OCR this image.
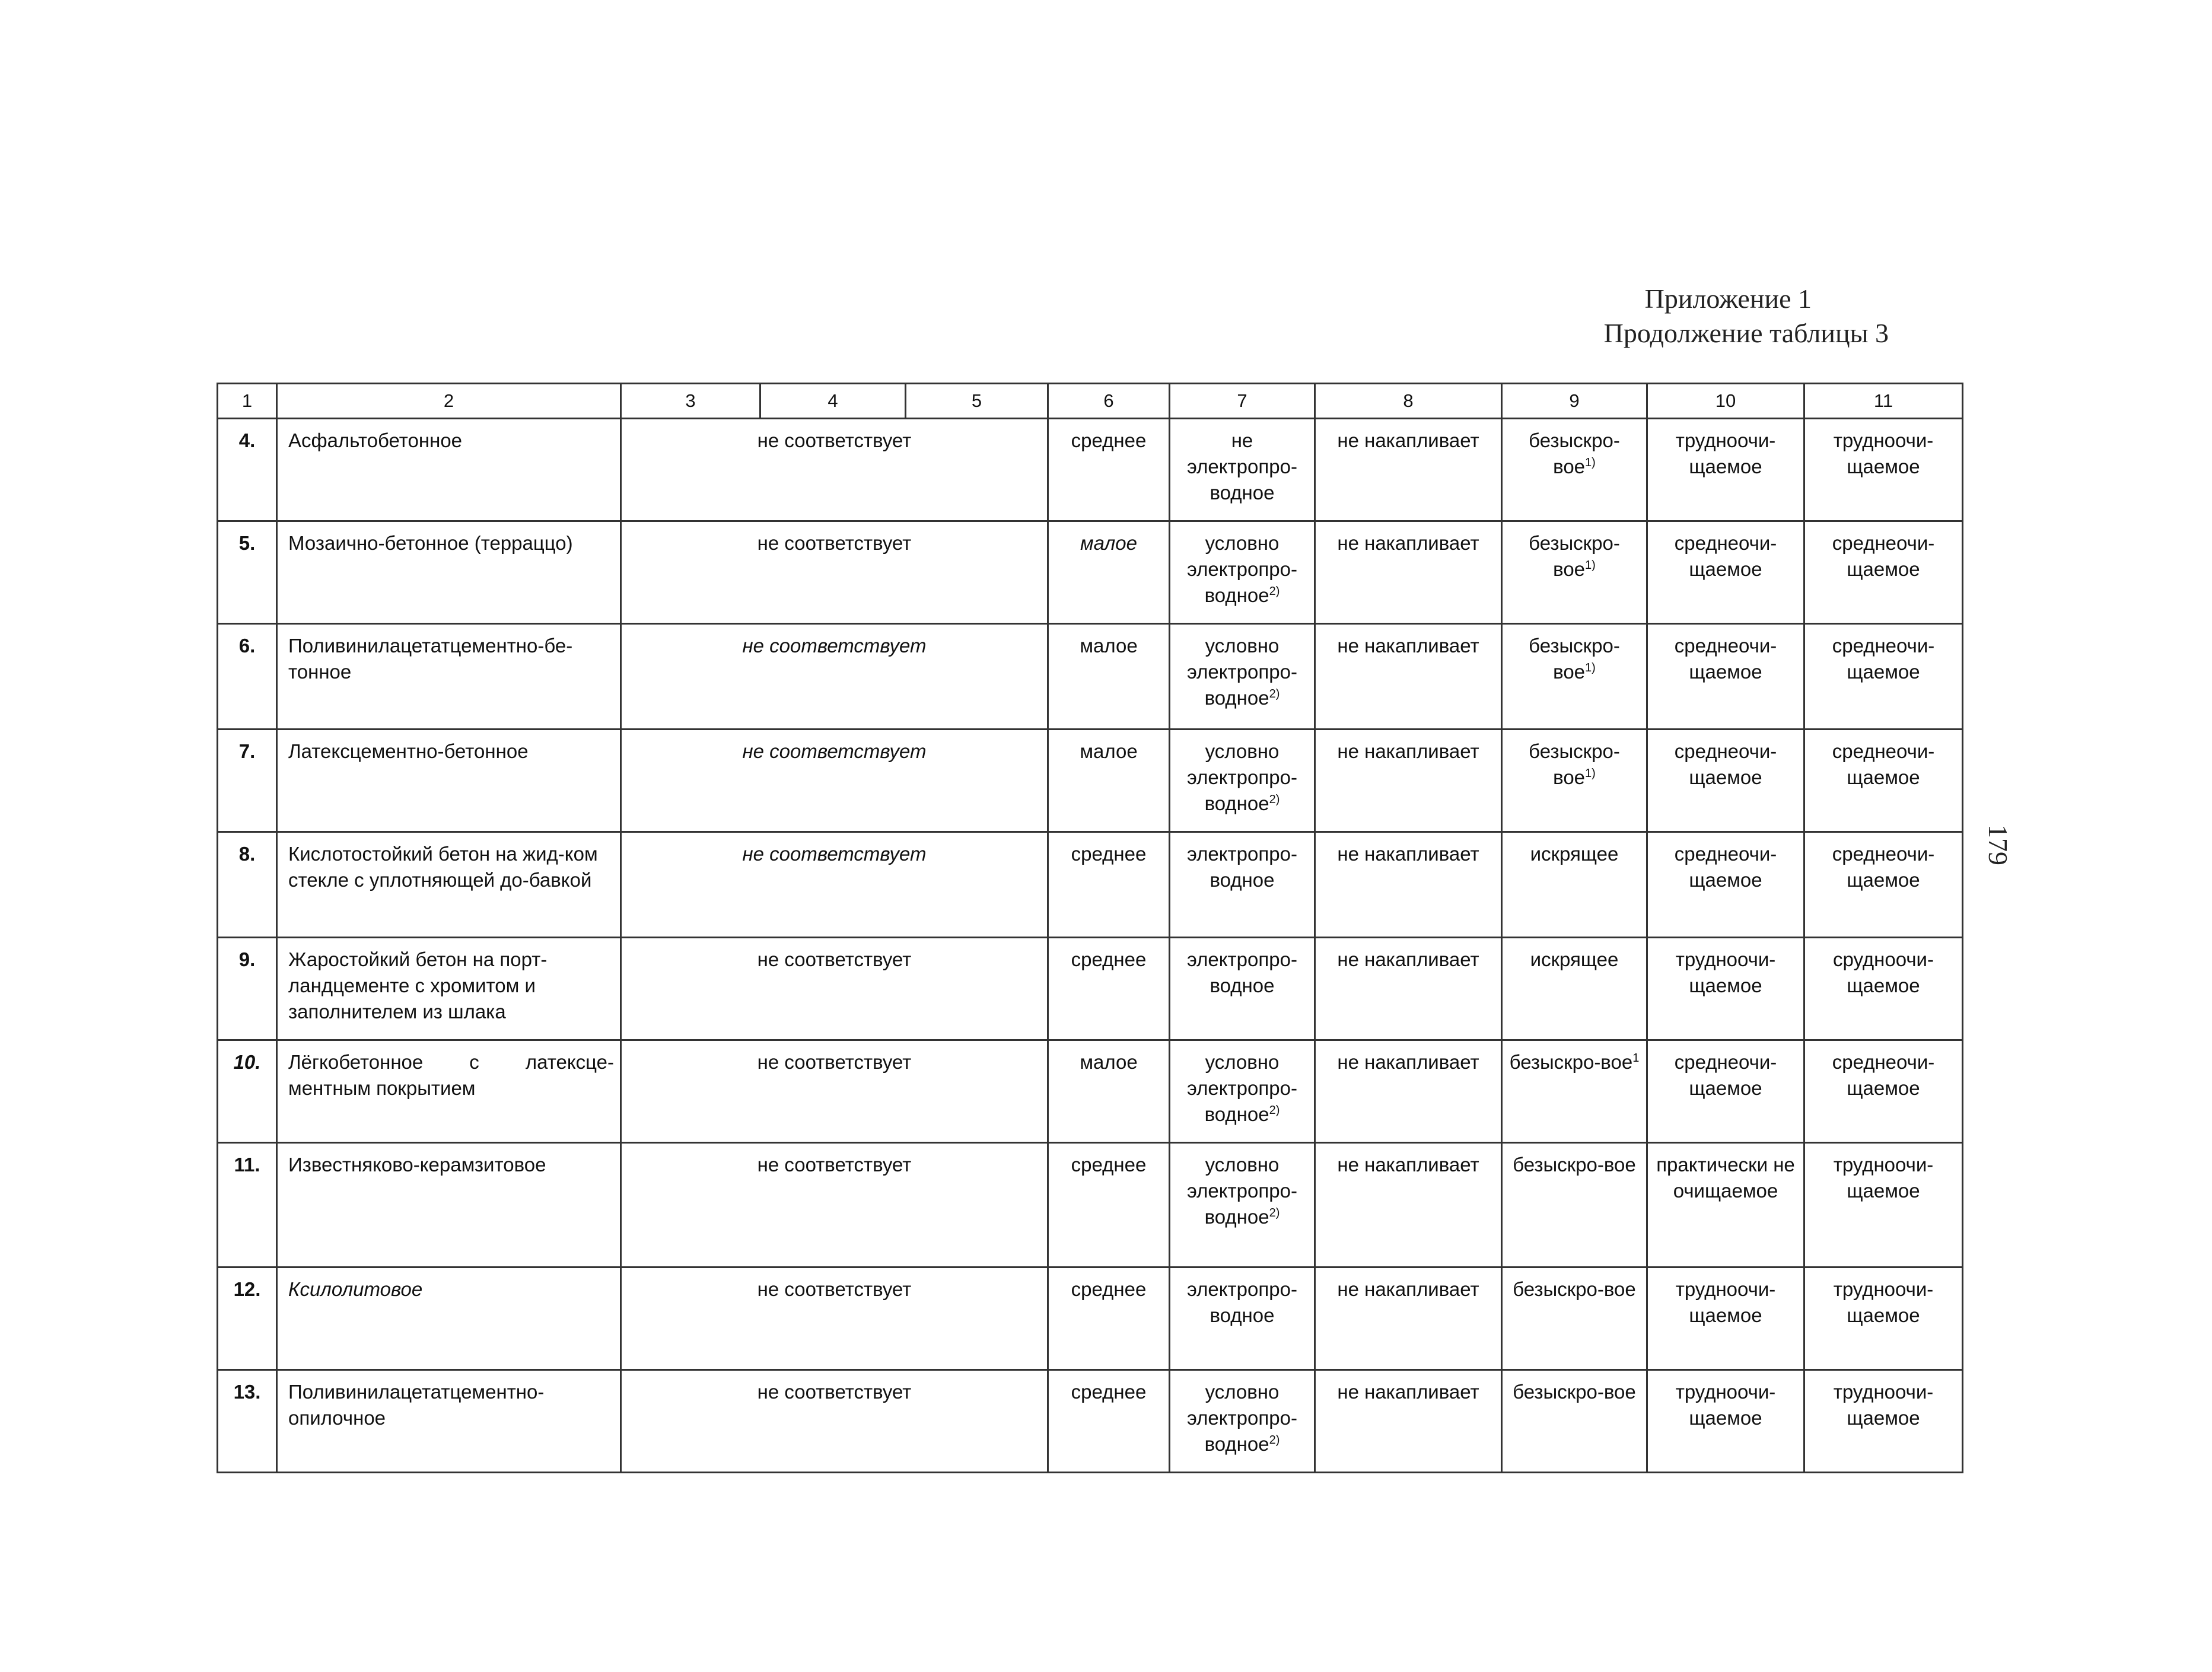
Приложение 1
Продолжение таблицы 3
179
1	2	3	4	5	6	7	8	9	10	11
4.	Асфальтобетонное	не соответствует			среднее	не электропро-водное	не накапливает	безыскро-вое$^{1)}$	трудноочи-щаемое	трудноочи-щаемое
5.	Мозаично-бетонное (терраццо)	не соответствует			малое	условно электропро-водное$^{2)}$	не накапливает	безыскро-вое$^{1)}$	среднеочи-щаемое	среднеочи-щаемое
6.	Поливинилацетатцементно-бе-тонное	не соответствует			малое	условно электропро-водное$^{2)}$	не накапливает	безыскро-вое$^{1)}$	среднеочи-щаемое	среднеочи-щаемое
7.	Латексцементно-бетонное	не соответствует			малое	условно электропро-водное$^{2)}$	не накапливает	безыскро-вое$^{1)}$	среднеочи-щаемое	среднеочи-щаемое
8.	Кислотостойкий бетон на жид-ком стекле с уплотняющей до-бавкой	не соответствует			среднее	электропро-водное	не накапливает	искрящее	среднеочи-щаемое	среднеочи-щаемое
9.	Жаростойкий бетон на порт-ландцементе с хромитом и заполнителем из шлака	не соответствует			среднее	электропро-водное	не накапливает	искрящее	трудноочи-щаемое	срудноочи-щаемое
10.	Лёгкобетонное с латексце-ментным покрытием	не соответствует			малое	условно электропро-водное$^{2)}$	не накапливает	безыскро-вое$^1$	среднеочи-щаемое	среднеочи-щаемое
11.	Известняково-керамзитовое	не соответствует			среднее	условно электропро-водное$^{2)}$	не накапливает	безыскро-вое	практически не очищаемое	трудноочи-щаемое
12.	Ксилолитовое	не соответствует			среднее	электропро-водное	не накапливает	безыскро-вое	трудноочи-щаемое	трудноочи-щаемое
13.	Поливинилацетатцементно-опилочное	не соответствует			среднее	условно электропро-водное$^{2)}$	не накапливает	безыскро-вое	трудноочи-щаемое	трудноочи-щаемое
